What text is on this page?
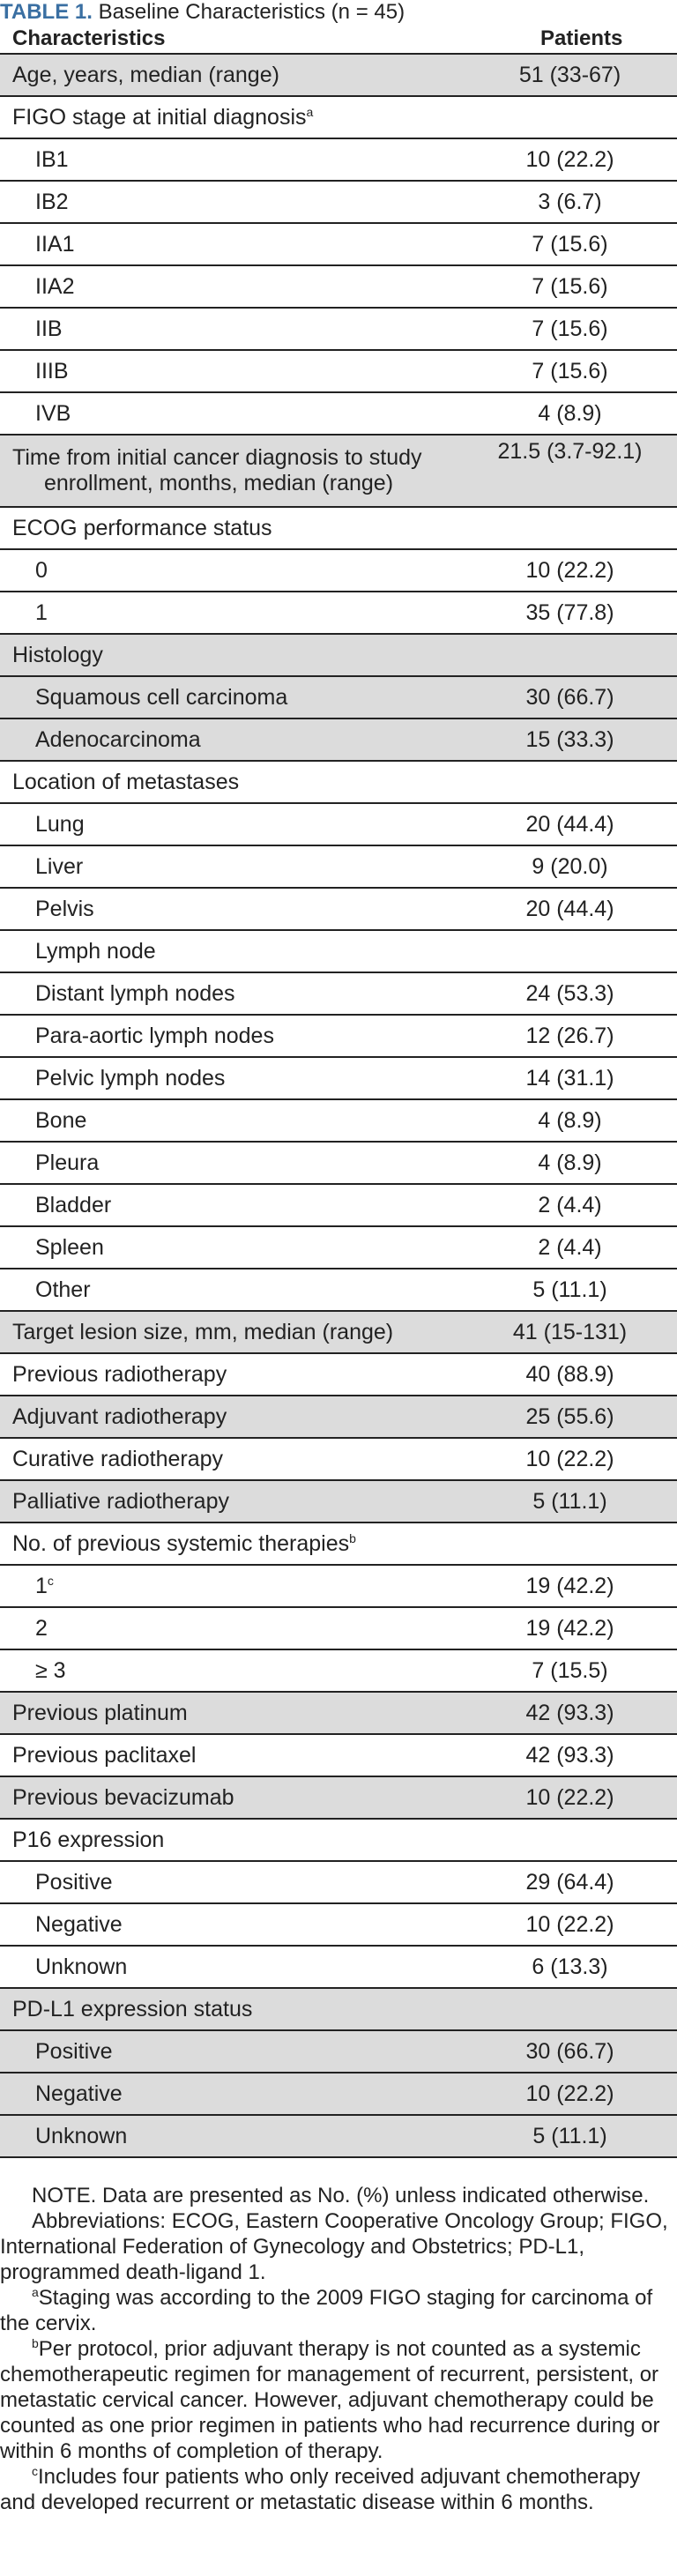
TABLE 1. Baseline Characteristics (n = 45)
Characteristics	Patients
Age, years, median (range)	51 (33-67)
FIGO stage at initial diagnosis$^a$	
IB1	10 (22.2)
IB2	3 (6.7)
IIA1	7 (15.6)
IIA2	7 (15.6)
IIB	7 (15.6)
IIIB	7 (15.6)
IVB	4 (8.9)

Time from initial cancer diagnosis to study
enrollment, months, median (range)	21.5 (3.7-92.1)
ECOG performance status	
0	10 (22.2)
1	35 (77.8)
Histology	
Squamous cell carcinoma	30 (66.7)
Adenocarcinoma	15 (33.3)
Location of metastases	
Lung	20 (44.4)
Liver	9 (20.0)
Pelvis	20 (44.4)
Lymph node	
Distant lymph nodes	24 (53.3)
Para-aortic lymph nodes	12 (26.7)
Pelvic lymph nodes	14 (31.1)
Bone	4 (8.9)
Pleura	4 (8.9)
Bladder	2 (4.4)
Spleen	2 (4.4)
Other	5 (11.1)
Target lesion size, mm, median (range)	41 (15-131)
Previous radiotherapy	40 (88.9)
Adjuvant radiotherapy	25 (55.6)
Curative radiotherapy	10 (22.2)
Palliative radiotherapy	5 (11.1)
No. of previous systemic therapies$^b$	
1$^c$	19 (42.2)
2	19 (42.2)
≥ 3	7 (15.5)
Previous platinum	42 (93.3)
Previous paclitaxel	42 (93.3)
Previous bevacizumab	10 (22.2)
P16 expression	
Positive	29 (64.4)
Negative	10 (22.2)
Unknown	6 (13.3)
PD-L1 expression status	
Positive	30 (66.7)
Negative	10 (22.2)
Unknown	5 (11.1)

NOTE. Data are presented as No. (%) unless indicated otherwise.

Abbreviations: ECOG, Eastern Cooperative Oncology Group; FIGO, International Federation of Gynecology and Obstetrics; PD-L1, programmed death-ligand 1.

$^a$Staging was according to the 2009 FIGO staging for carcinoma of the cervix.

$^b$Per protocol, prior adjuvant therapy is not counted as a systemic chemotherapeutic regimen for management of recurrent, persistent, or metastatic cervical cancer. However, adjuvant chemotherapy could be counted as one prior regimen in patients who had recurrence during or within 6 months of completion of therapy.

$^c$Includes four patients who only received adjuvant chemotherapy and developed recurrent or metastatic disease within 6 months.
